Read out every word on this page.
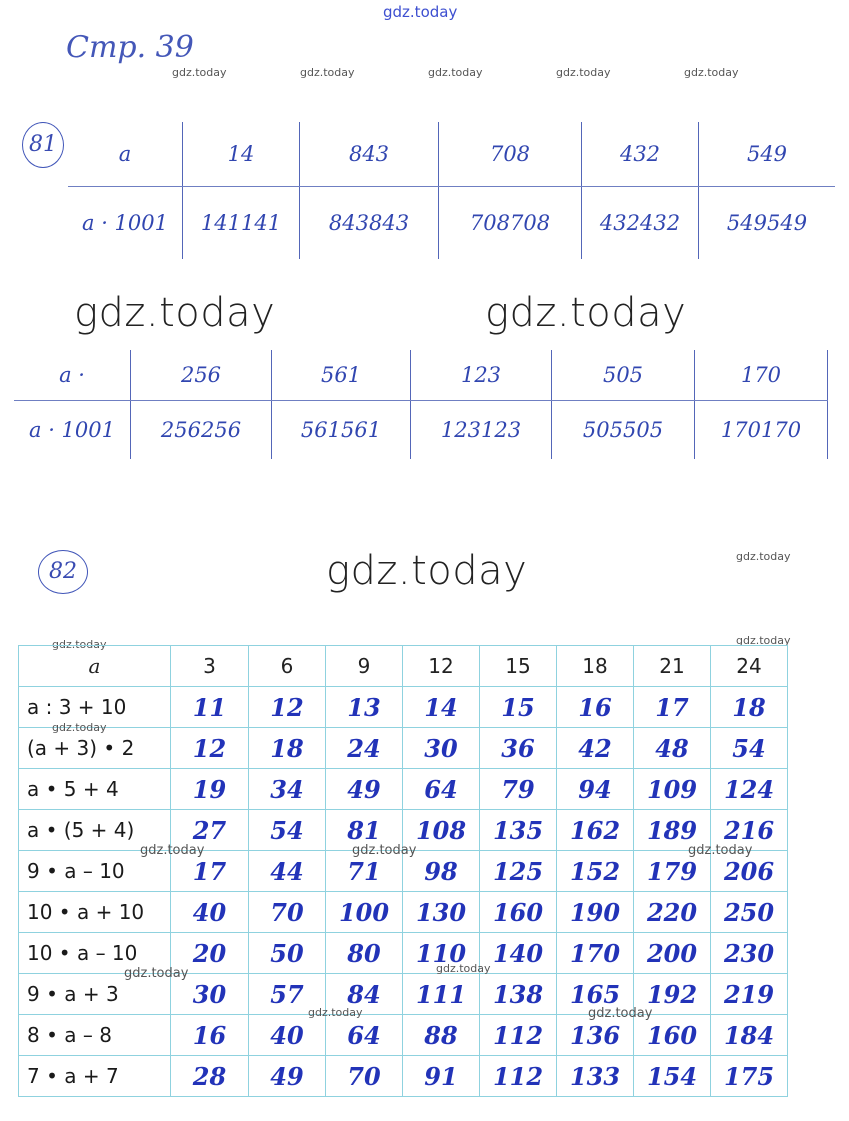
gdz.today
Стр. 39
gdz.today	gdz.today	gdz.today	gdz.today	gdz.today
81	a	14	843	708	432	549
a · 1001	141141	843843	708708	432432	549549
gdz.today	gdz.today
a ·	256	561	123	505	170
a · 1001	256256	561561	123123	505505	170170
82	gdz.today	gdz.today
gdz.today	gdz.today
a	3	6	9	12	15	18	21	24
a : 3 + 10	11	12	13	14	15	16	17	18
(a + 3) • 2	12	18	24	30	36	42	48	54
a • 5 + 4	19	34	49	64	79	94	109	124
a • (5 + 4)	27	54	81	108	135	162	189	216
9 • a – 10	17	44	71	98	125	152	179	206
10 • a + 10	40	70	100	130	160	190	220	250
10 • a – 10	20	50	80	110	140	170	200	230
9 • a + 3	30	57	84	111	138	165	192	219
8 • a – 8	16	40	64	88	112	136	160	184
7 • a + 7	28	49	70	91	112	133	154	175
gdz.today
gdz.today	gdz.today	gdz.today
gdz.today	gdz.today
gdz.today	gdz.today
